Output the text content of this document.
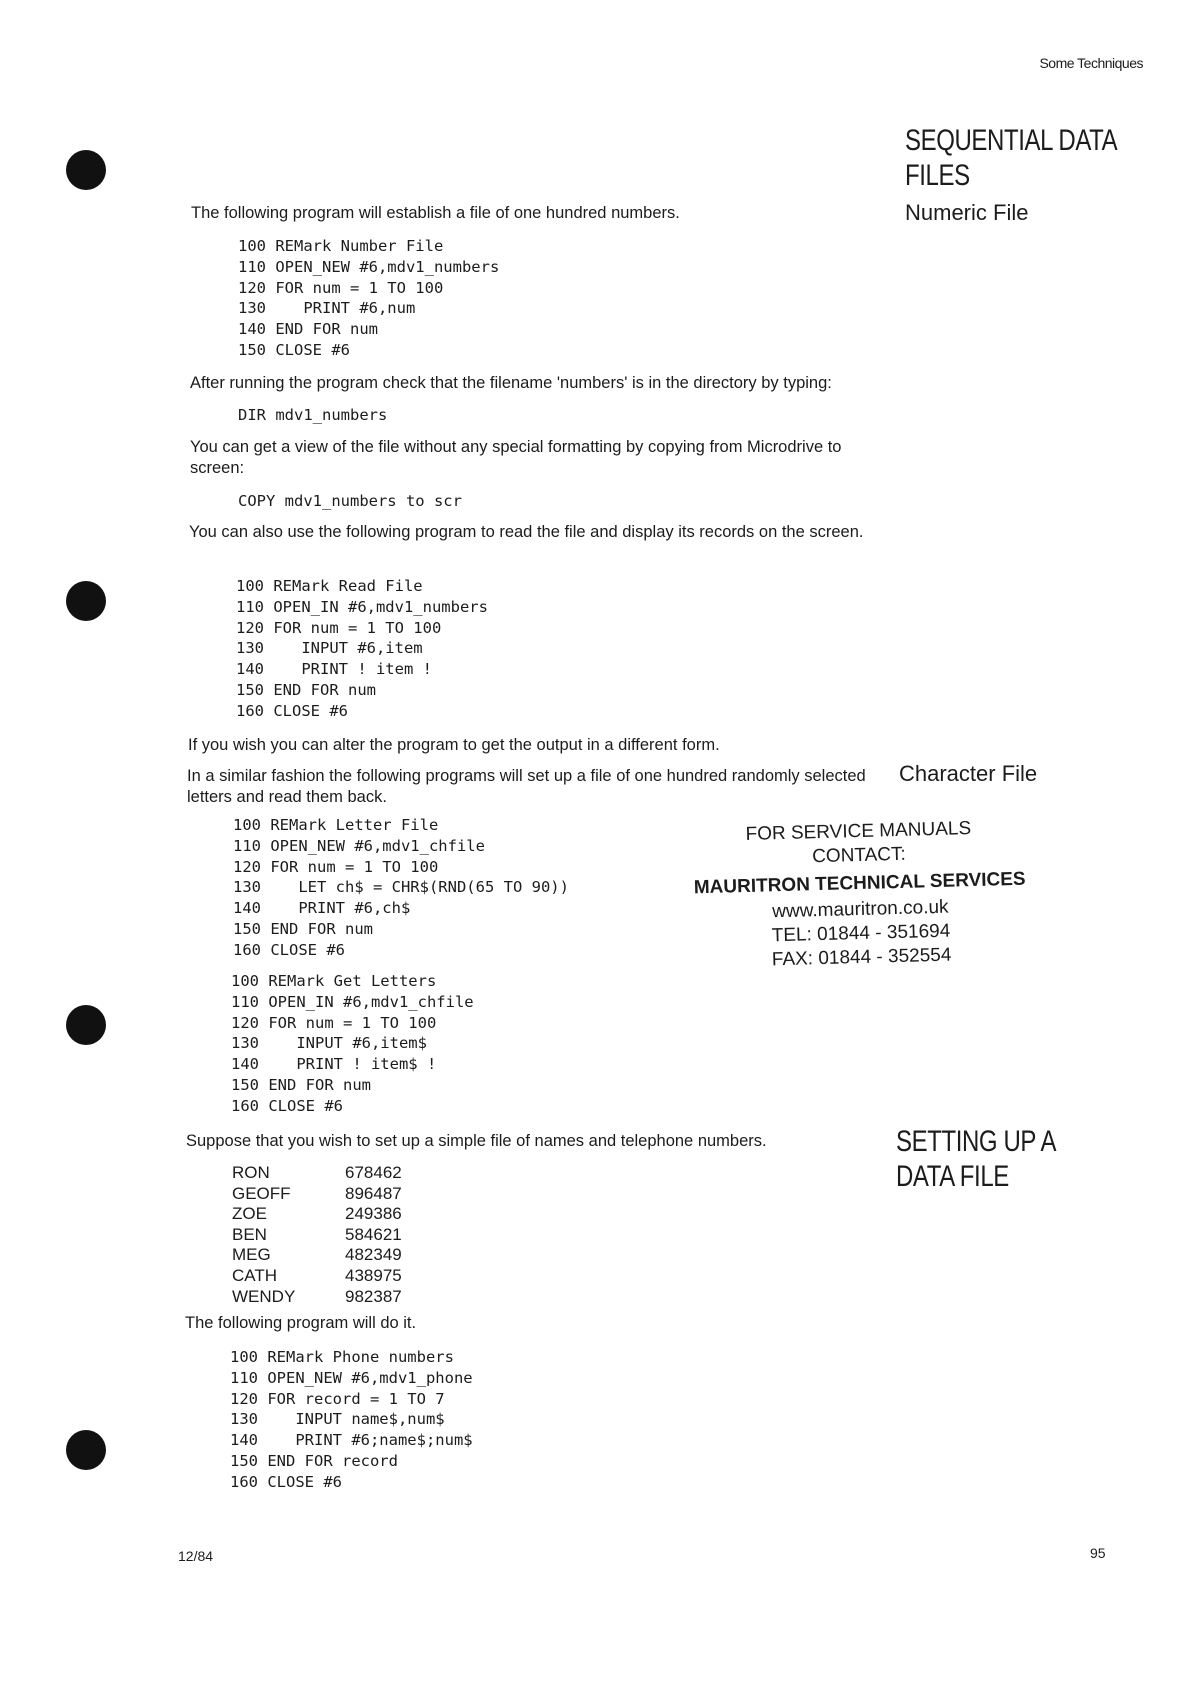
Some Techniques
SEQUENTIAL DATA
FILES
Numeric File
Character File
SETTING UP A
DATA FILE
The following program will establish a file of one hundred numbers.
100 REMark Number File
110 OPEN_NEW #6,mdv1_numbers
120 FOR num = 1 TO 100
130    PRINT #6,num
140 END FOR num
150 CLOSE #6
After running the program check that the filename 'numbers' is in the directory by typing:
DIR mdv1_numbers
You can get a view of the file without any special formatting by copying from Microdrive to screen:
COPY mdv1_numbers to scr
You can also use the following program to read the file and display its records on the screen.
100 REMark Read File
110 OPEN_IN #6,mdv1_numbers
120 FOR num = 1 TO 100
130    INPUT #6,item
140    PRINT ! item !
150 END FOR num
160 CLOSE #6
If you wish you can alter the program to get the output in a different form.
In a similar fashion the following programs will set up a file of one hundred randomly selected letters and read them back.
100 REMark Letter File
110 OPEN_NEW #6,mdv1_chfile
120 FOR num = 1 TO 100
130    LET ch$ = CHR$(RND(65 TO 90))
140    PRINT #6,ch$
150 END FOR num
160 CLOSE #6
100 REMark Get Letters
110 OPEN_IN #6,mdv1_chfile
120 FOR num = 1 TO 100
130    INPUT #6,item$
140    PRINT ! item$ !
150 END FOR num
160 CLOSE #6
FOR SERVICE MANUALS
CONTACT:
MAURITRON TECHNICAL SERVICES
www.mauritron.co.uk
TEL: 01844 - 351694
FAX: 01844 - 352554
Suppose that you wish to set up a simple file of names and telephone numbers.
RON	678462
GEOFF	896487
ZOE	249386
BEN	584621
MEG	482349
CATH	438975
WENDY	982387
The following program will do it.
100 REMark Phone numbers
110 OPEN_NEW #6,mdv1_phone
120 FOR record = 1 TO 7
130    INPUT name$,num$
140    PRINT #6;name$;num$
150 END FOR record
160 CLOSE #6
12/84	95
